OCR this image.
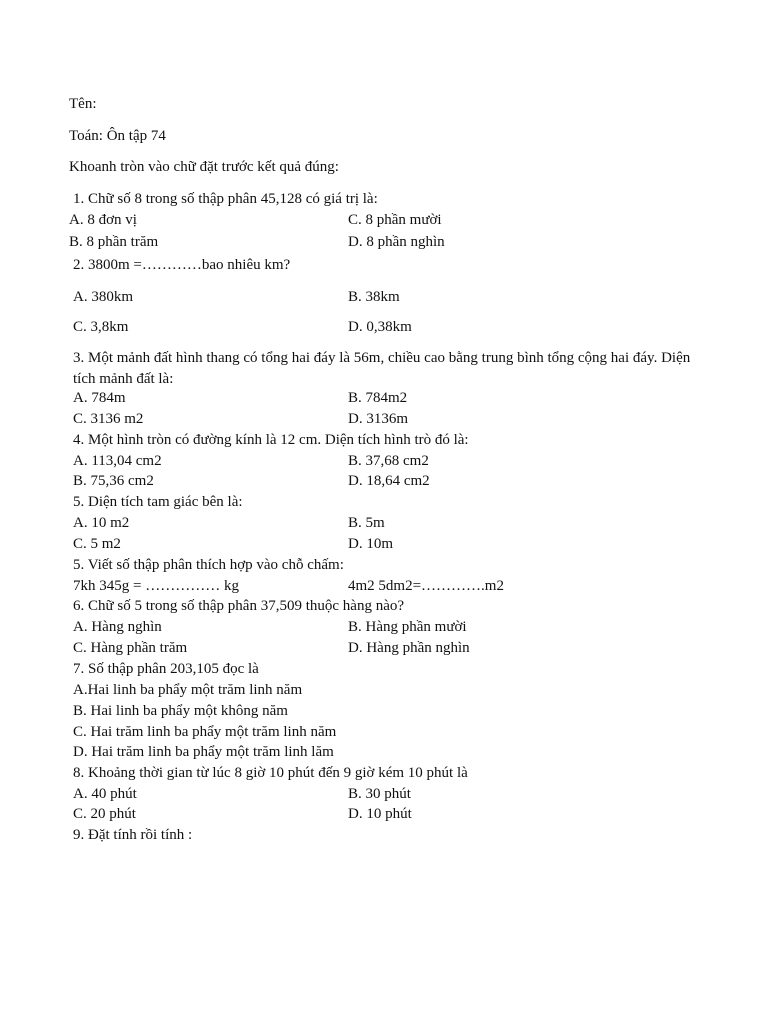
Tên:
Toán: Ôn tập 74
Khoanh tròn vào chữ đặt trước kết quả đúng:
1. Chữ số 8 trong số thập phân 45,128 có giá trị là:
A. 8 đơn vị	C. 8 phần mười
B. 8 phần trăm	D. 8 phần nghìn
2. 3800m =…………bao nhiêu km?
A. 380km	B. 38km
C. 3,8km	D. 0,38km
3. Một mảnh đất hình thang có tổng hai đáy là 56m, chiều cao bằng trung bình tổng cộng hai đáy. Diện tích mảnh đất là:
A. 784m	B. 784m2
C. 3136 m2	D. 3136m
4. Một hình tròn có đường kính là 12 cm. Diện tích hình trò đó là:
A. 113,04 cm2	B. 37,68 cm2
B. 75,36 cm2	D. 18,64 cm2
5. Diện tích tam giác bên là:
A. 10 m2	B. 5m
C. 5 m2	D. 10m
5. Viết số thập phân thích hợp vào chỗ chấm:
7kh 345g = …………… kg	4m2 5dm2=………….m2
6. Chữ số 5 trong số thập phân 37,509 thuộc hàng nào?
A. Hàng nghìn	B. Hàng phần mười
C. Hàng phần trăm	D. Hàng phần nghìn
7. Số thập phân 203,105 đọc là
A.Hai linh ba phẩy một trăm linh năm
B. Hai linh ba phẩy một không năm
C. Hai trăm linh ba phẩy một trăm linh năm
D. Hai trăm linh ba phẩy một trăm linh lăm
8. Khoảng thời gian từ lúc 8 giờ 10 phút đến 9 giờ kém 10 phút là
A. 40 phút	B. 30 phút
C. 20 phút	D. 10 phút
9. Đặt tính rồi tính :
